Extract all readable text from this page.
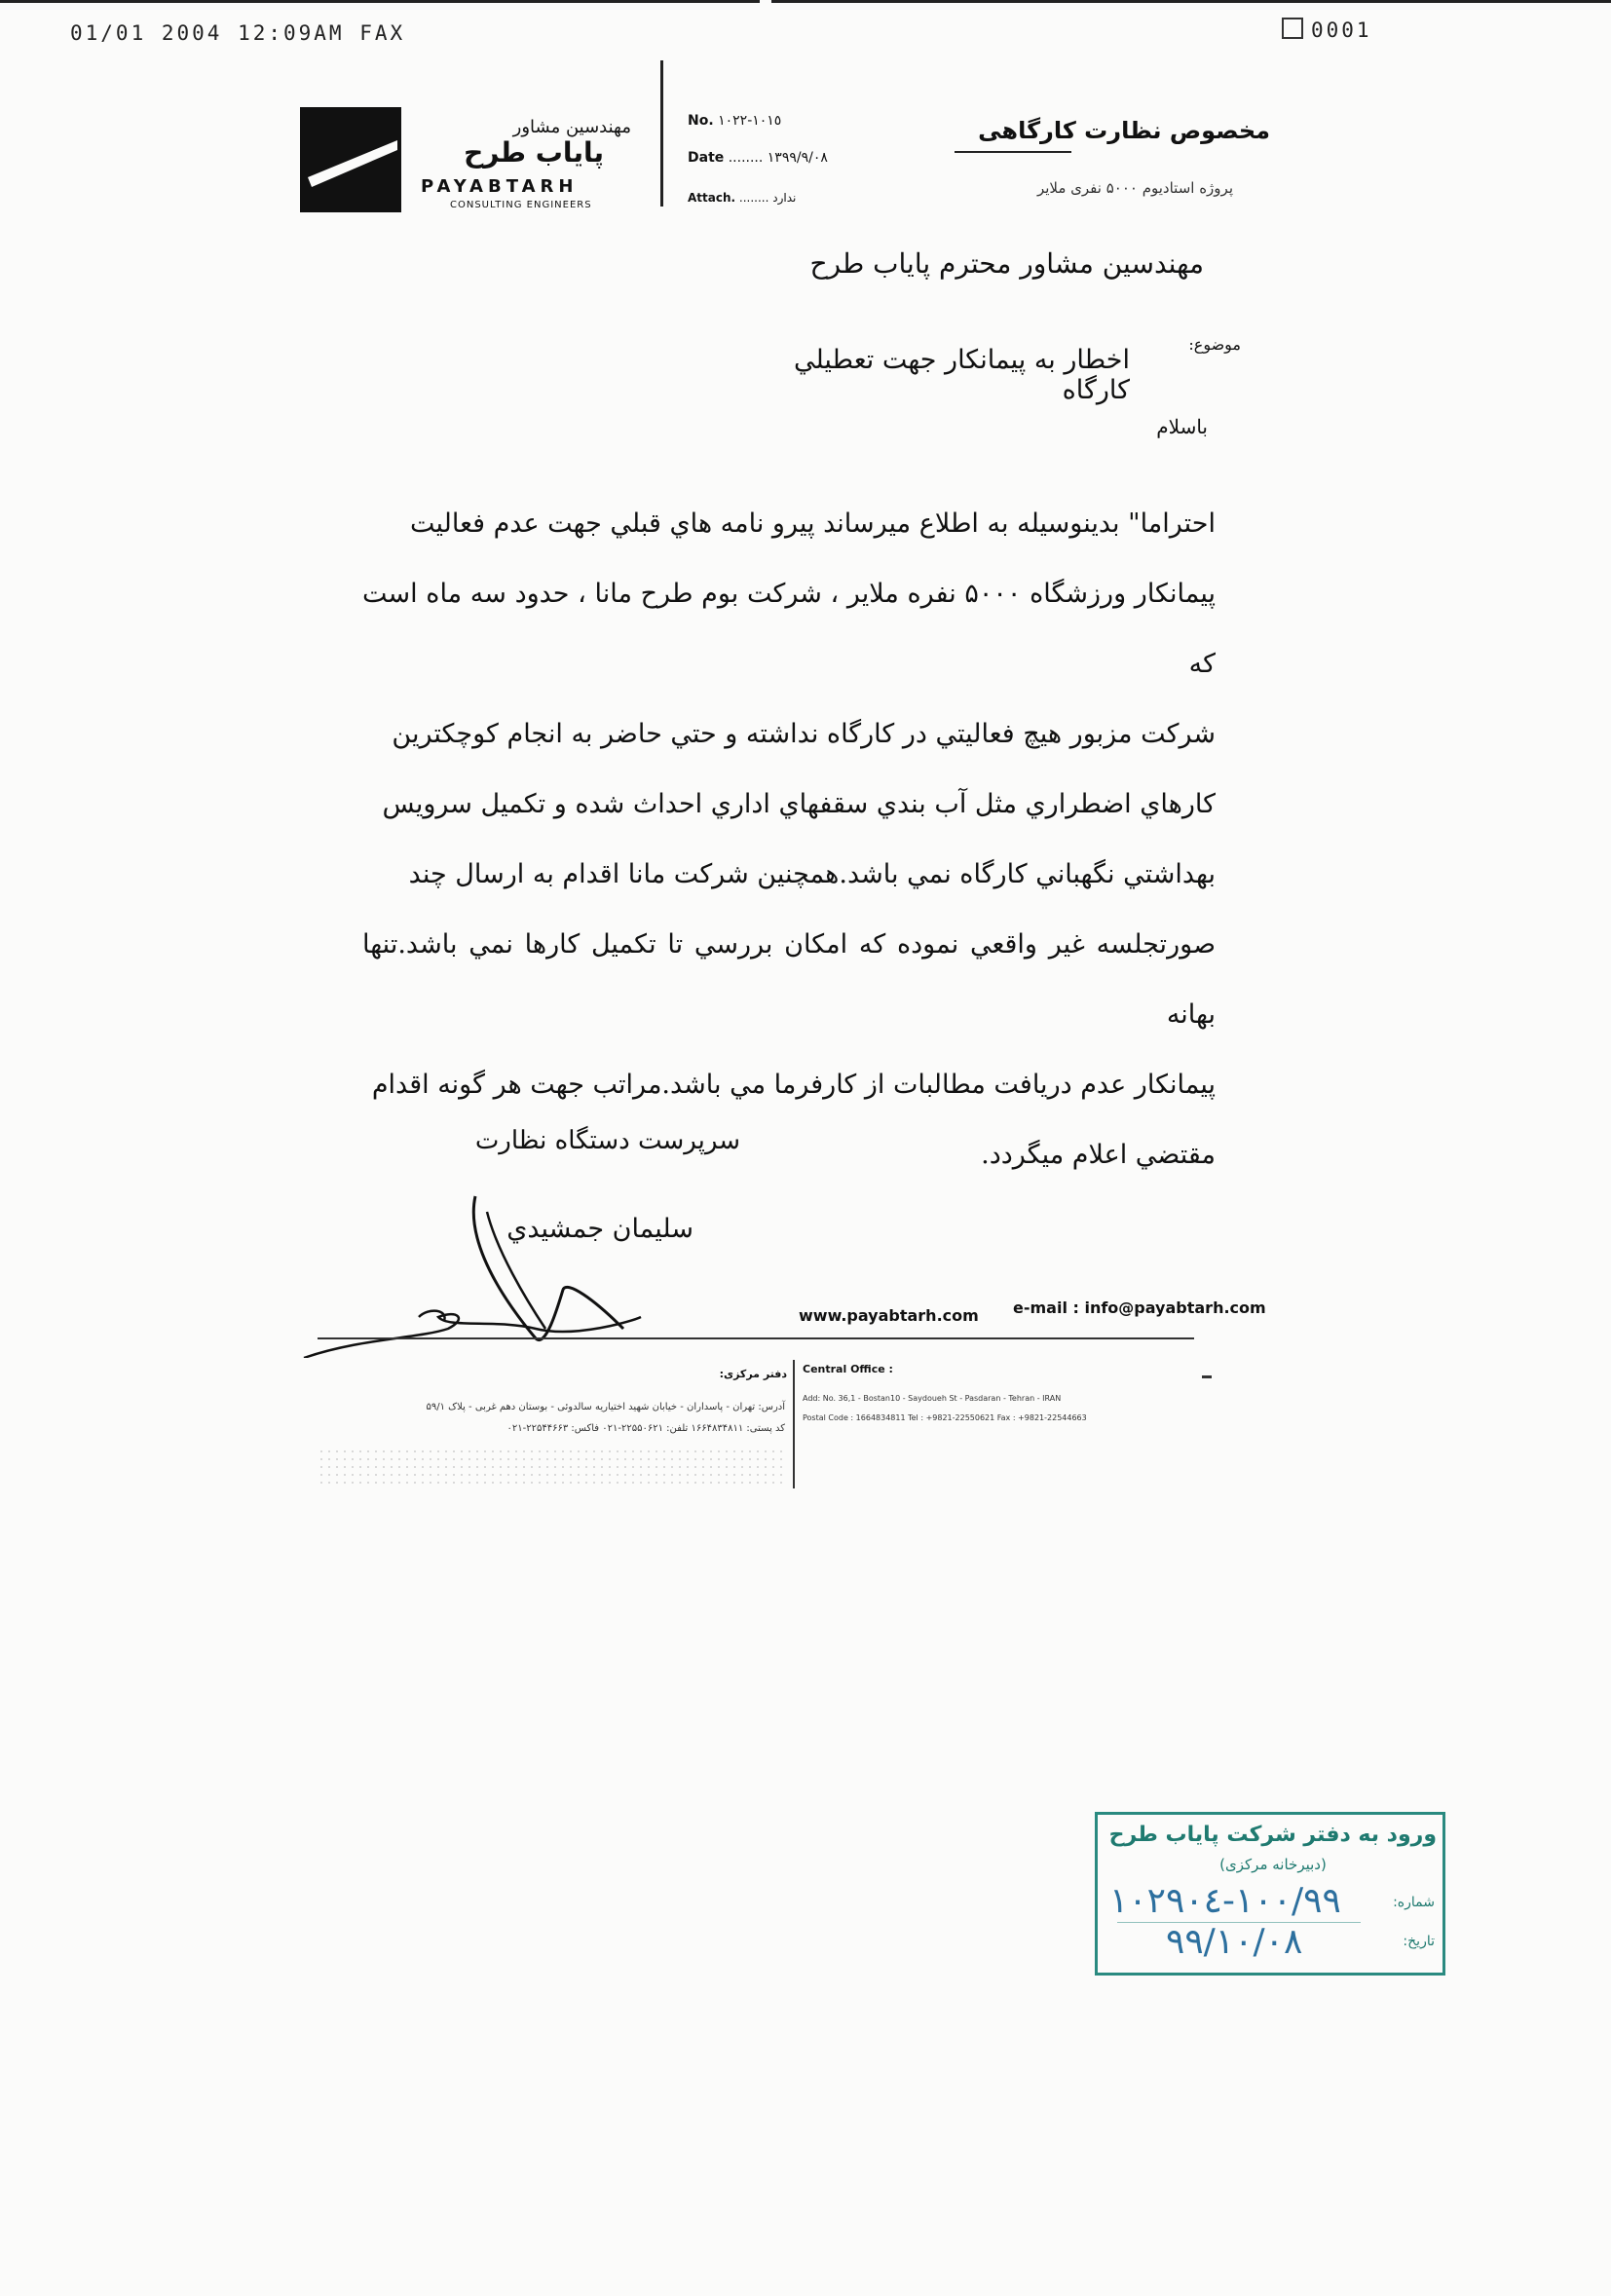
01/01 2004 12:09AM FAX	0001
مهندسين مشاور
پاياب طرح
PAYABTARH
CONSULTING ENGINEERS
No. ١٠١٥-١٠٢٢
Date ........ ١٣٩٩/٩/٠٨
Attach. ........ ندارد
مخصوص نظارت کارگاهی
پروژه استادیوم ۵۰۰۰ نفری ملایر
مهندسين مشاور محترم پاياب طرح
موضوع:
اخطار به پيمانكار جهت تعطيلي كارگاه
باسلام

احتراما" بدينوسيله به اطلاع ميرساند پيرو نامه هاي قبلي جهت عدم فعاليت

پيمانكار ورزشگاه ۵۰۰۰ نفره ملاير ، شركت بوم طرح مانا ، حدود سه ماه است كه

شركت مزبور هيچ فعاليتي در كارگاه نداشته و حتي حاضر به انجام كوچكترين

كارهاي اضطراري مثل آب بندي سقفهاي اداري احداث شده و تكميل سرويس

بهداشتي نگهباني كارگاه نمي باشد.همچنين شركت مانا اقدام به ارسال چند

صورتجلسه غير واقعي نموده كه امكان بررسي تا تكميل كارها نمي باشد.تنها بهانه

پيمانكار عدم دريافت مطالبات از كارفرما مي باشد.مراتب جهت هر گونه اقدام

مقتضي اعلام ميگردد.

سرپرست دستگاه نظارت
سليمان جمشيدي
www.payabtarh.com e-mail : info@payabtarh.com
دفتر مرکزی:
آدرس: تهران - پاسداران - خیابان شهید اختیاریه سالدوئی - بوستان دهم غربی - پلاک ۵۹/۱
کد پستی: ۱۶۶۴۸۳۴۸۱۱ تلفن: ۲۲۵۵۰۶۲۱-۰۲۱ فاکس: ۲۲۵۴۴۶۶۳-۰۲۱
Central Office :
Add: No. 36,1 - Bostan10 - Saydoueh St - Pasdaran - Tehran - IRAN
Postal Code : 1664834811 Tel : +9821-22550621 Fax : +9821-22544663
ورود به دفتر شرکت پایاب طرح
(دبیرخانه مرکزی)
شماره:
تاریخ:
١٠٠/٩٩-١٠٢٩٠٤
٩٩/١٠/٠٨
